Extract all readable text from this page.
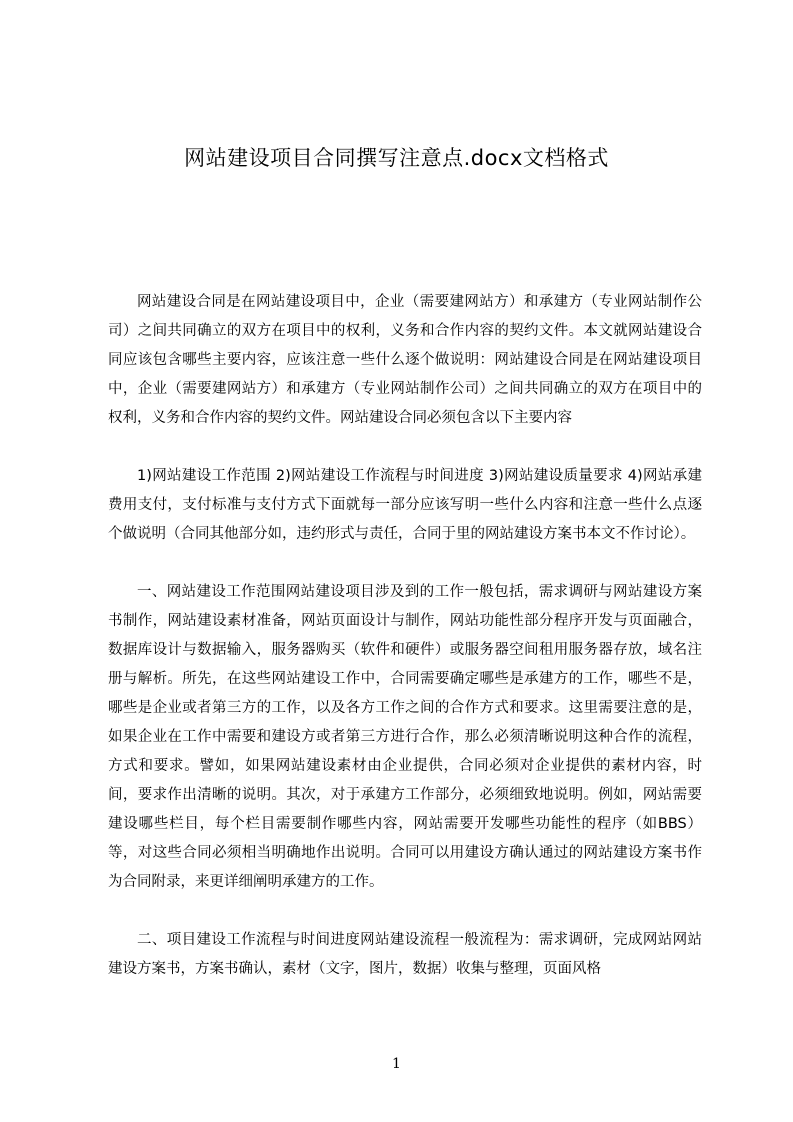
网站建设项目合同撰写注意点.docx文档格式

网站建设合同是在网站建设项目中，企业（需要建网站方）和承建方（专业网站制作公司）之间共同确立的双方在项目中的权利，义务和合作内容的契约文件。本文就网站建设合同应该包含哪些主要内容，应该注意一些什么逐个做说明：网站建设合同是在网站建设项目中，企业（需要建网站方）和承建方（专业网站制作公司）之间共同确立的双方在项目中的权利，义务和合作内容的契约文件。网站建设合同必须包含以下主要内容

1)网站建设工作范围 2)网站建设工作流程与时间进度 3)网站建设质量要求 4)网站承建费用支付，支付标准与支付方式下面就每一部分应该写明一些什么内容和注意一些什么点逐个做说明（合同其他部分如，违约形式与责任，合同于里的网站建设方案书本文不作讨论）。

一、网站建设工作范围网站建设项目涉及到的工作一般包括，需求调研与网站建设方案书制作，网站建设素材准备，网站页面设计与制作，网站功能性部分程序开发与页面融合，数据库设计与数据输入，服务器购买（软件和硬件）或服务器空间租用服务器存放，域名注册与解析。所先，在这些网站建设工作中，合同需要确定哪些是承建方的工作，哪些不是，哪些是企业或者第三方的工作，以及各方工作之间的合作方式和要求。这里需要注意的是，如果企业在工作中需要和建设方或者第三方进行合作，那么必须清晰说明这种合作的流程，方式和要求。譬如，如果网站建设素材由企业提供，合同必须对企业提供的素材内容，时间，要求作出清晰的说明。其次，对于承建方工作部分，必须细致地说明。例如，网站需要建设哪些栏目，每个栏目需要制作哪些内容，网站需要开发哪些功能性的程序（如BBS）等，对这些合同必须相当明确地作出说明。合同可以用建设方确认通过的网站建设方案书作为合同附录，来更详细阐明承建方的工作。

二、项目建设工作流程与时间进度网站建设流程一般流程为：需求调研，完成网站网站建设方案书，方案书确认，素材（文字，图片，数据）收集与整理，页面风格

1
